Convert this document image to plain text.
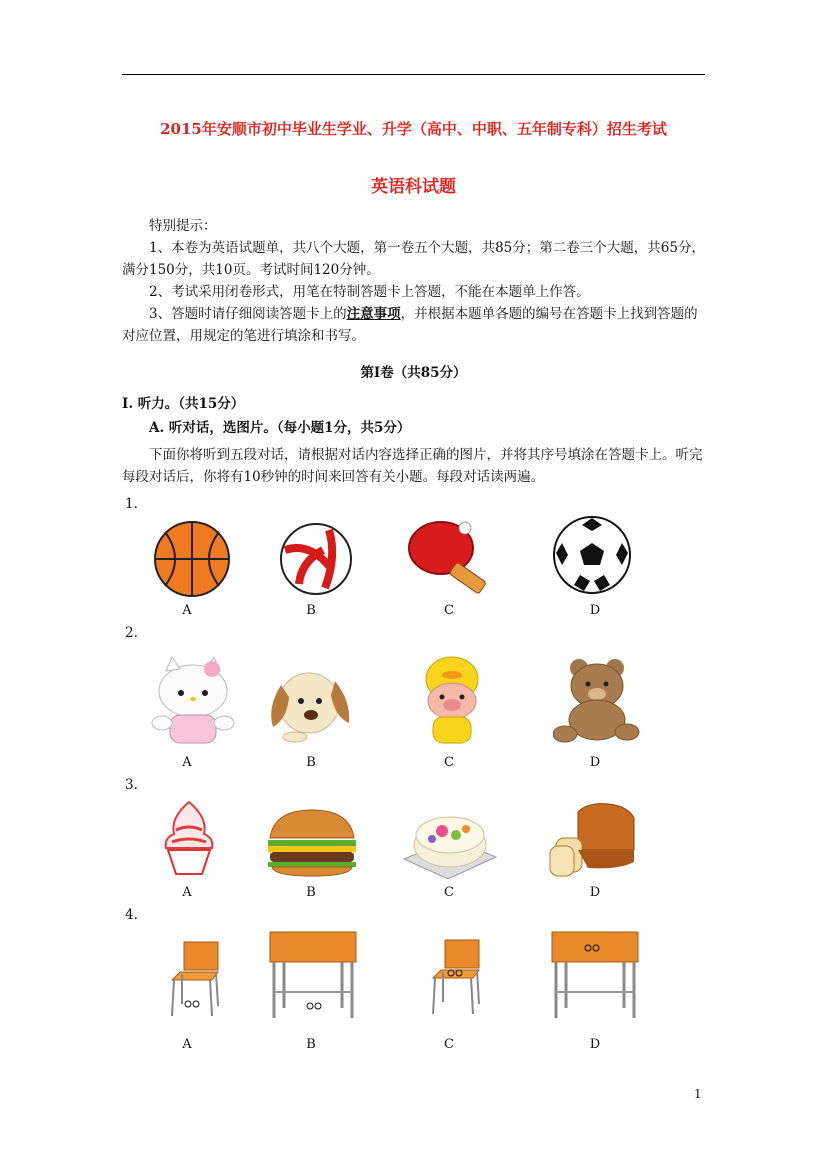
2015年安顺市初中毕业生学业、升学（高中、中职、五年制专科）招生考试
英语科试题
特别提示：
1、本卷为英语试题单，共八个大题，第一卷五个大题，共85分；第二卷三个大题，共65分，满分150分，共10页。考试时间120分钟。
2、考试采用闭卷形式，用笔在特制答题卡上答题，不能在本题单上作答。
3、答题时请仔细阅读答题卡上的注意事项，并根据本题单各题的编号在答题卡上找到答题的对应位置，用规定的笔进行填涂和书写。
第Ⅰ卷（共85分）
I. 听力。（共15分）
A. 听对话，选图片。（每小题1分，共5分）
下面你将听到五段对话，请根据对话内容选择正确的图片，并将其序号填涂在答题卡上。听完每段对话后，你将有10秒钟的时间来回答有关小题。每段对话读两遍。
1.
A	B	C	D
2.
A	B	C	D
3.
A	B	C	D
4.
A	B	C	D
1
